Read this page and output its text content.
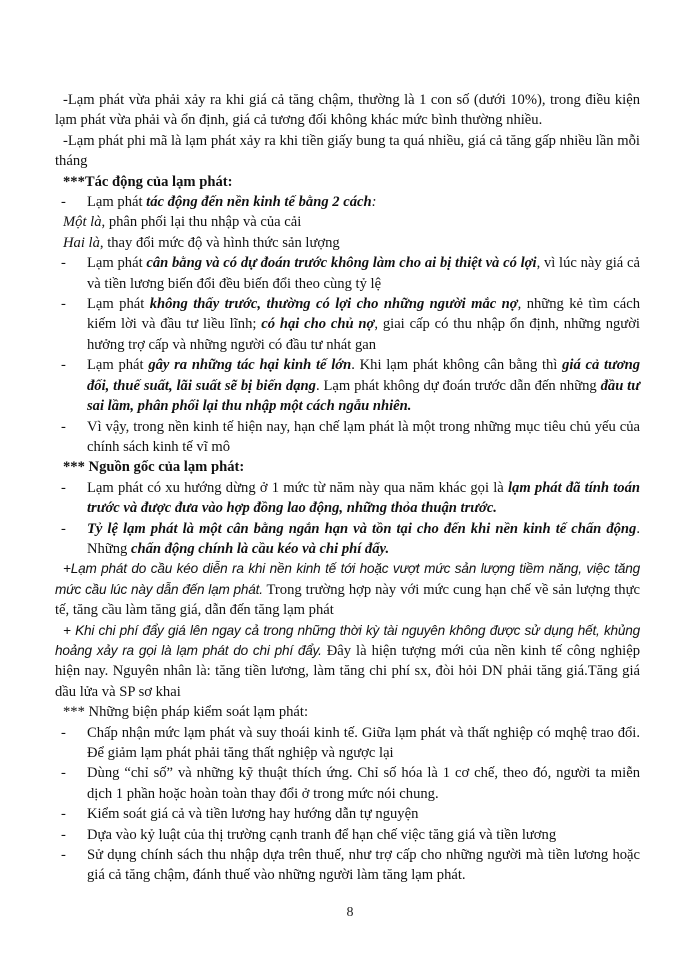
-Lạm phát vừa phải xảy ra khi giá cả tăng chậm, thường là 1 con số (dưới 10%), trong điều kiện lạm phát vừa phải và ổn định, giá cả tương đối không khác mức bình thường nhiều.

-Lạm phát phi mã là lạm phát xảy ra khi tiền giấy bung ta quá nhiều, giá cả tăng gấp nhiều lần mỗi tháng

***Tác động của lạm phát:

-	Lạm phát tác động đến nền kinh tế bằng 2 cách:

Một là, phân phối lại thu nhập và của cải

Hai là, thay đổi mức độ và hình thức sản lượng

-	Lạm phát cân bằng và có dự đoán trước không làm cho ai bị thiệt và có lợi, vì lúc này giá cả và tiền lương biến đổi đều biến đổi theo cùng tỷ lệ
-	Lạm phát không thấy trước, thường có lợi cho những người mắc nợ, những kẻ tìm cách kiếm lời và đầu tư liều lĩnh; có hại cho chủ nợ, giai cấp có thu nhập ổn định, những người hưởng trợ cấp và những người có đầu tư nhát gan
-	Lạm phát gây ra những tác hại kinh tế lớn. Khi lạm phát không cân bằng thì giá cả tương đối, thuế suất, lãi suất sẽ bị biến dạng. Lạm phát không dự đoán trước dẫn đến những đầu tư sai lầm, phân phối lại thu nhập một cách ngẫu nhiên.
-	Vì vậy, trong nền kinh tế hiện nay, hạn chế lạm phát là một trong những mục tiêu chủ yếu của chính sách kinh tế vĩ mô

*** Nguồn gốc của lạm phát:

-	Lạm phát có xu hướng dừng ở 1 mức từ năm này qua năm khác gọi là lạm phát đã tính toán trước và được đưa vào hợp đồng lao động, những thỏa thuận trước.
-	Tỷ lệ lạm phát là một cân bằng ngắn hạn và tồn tại cho đến khi nền kinh tế chấn động. Những chấn động chính là cầu kéo và chi phí đẩy.

+Lạm phát do cầu kéo diễn ra khi nền kinh tế tới hoặc vượt mức sản lượng tiềm năng, việc tăng mức cầu lúc này dẫn đến lạm phát. Trong trường hợp này với mức cung hạn chế về sản lượng thực tế, tăng cầu làm tăng giá, dẫn đến tăng lạm phát

+ Khi chi phí đẩy giá lên ngay cả trong những thời kỳ tài nguyên không được sử dụng hết, khủng hoảng xảy ra gọi là lạm phát do chi phí đẩy. Đây là hiện tượng mới của nền kinh tế công nghiệp hiện nay. Nguyên nhân là: tăng tiền lương, làm tăng chi phí sx, đòi hỏi DN phải tăng giá.Tăng giá dầu lửa và SP sơ khai

*** Những biện pháp kiểm soát lạm phát:

-	Chấp nhận mức lạm phát và suy thoái kinh tế. Giữa lạm phát và thất nghiệp có mqhệ trao đổi. Để giảm lạm phát phải tăng thất nghiệp và ngược lại
-	Dùng “chỉ số” và những kỹ thuật thích ứng. Chỉ số hóa là 1 cơ chế, theo đó, người ta miễn dịch 1 phần hoặc hoàn toàn thay đổi ở trong mức nói chung.
-	Kiểm soát giá cả và tiền lương hay hướng dẫn tự nguyện
-	Dựa vào kỷ luật của thị trường cạnh tranh để hạn chế việc tăng giá và tiền lương
-	Sử dụng chính sách thu nhập dựa trên thuế, như trợ cấp cho những người mà tiền lương hoặc giá cả tăng chậm, đánh thuế vào những người làm tăng lạm phát.
8
